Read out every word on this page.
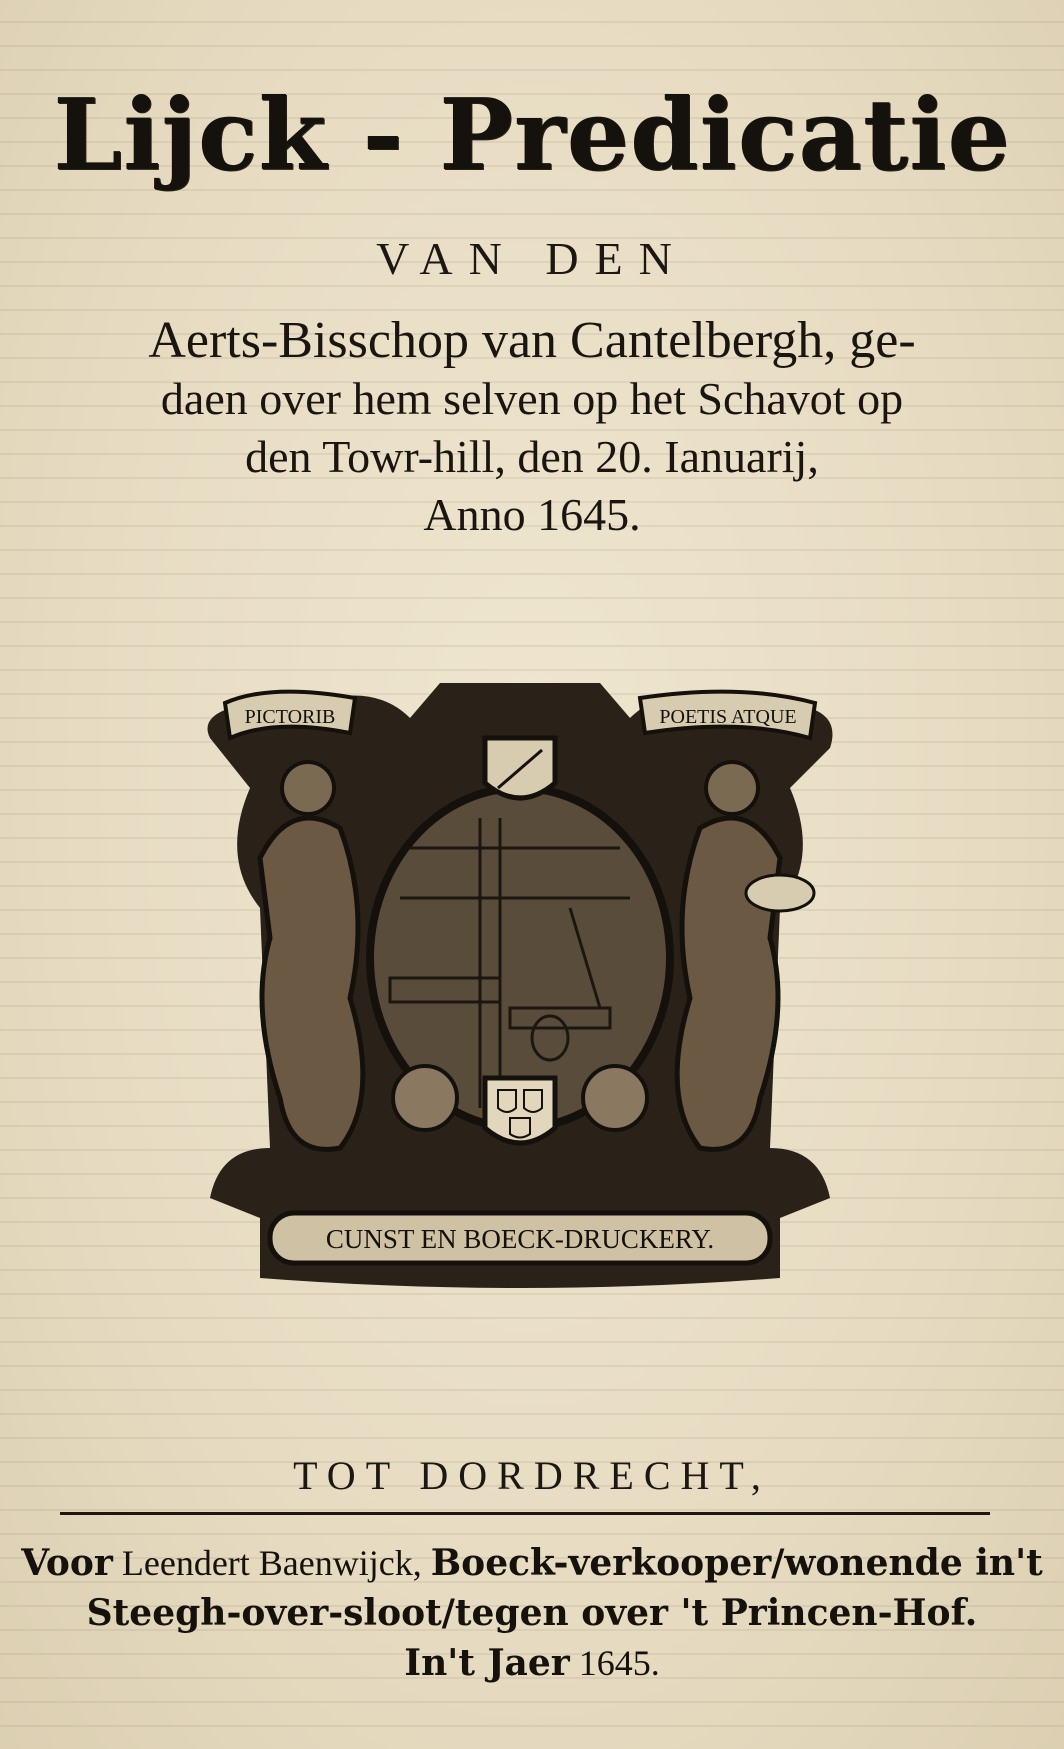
Lijck - Predicatie
VAN DEN
Aerts-Bisschop van Cantelbergh, ge-
daen over hem selven op het Schavot op
den Towr-hill, den 20. Ianuarij,
Anno 1645.
PICTORIB	POETIS ATQUE
CUNST EN BOECK-DRUCKERY.
TOT DORDRECHT,
Voor Leendert Baenwijck, Boeck-verkooper/wonende in't
Steegh-over-sloot/tegen over 't Princen-Hof.
In't Jaer 1645.
